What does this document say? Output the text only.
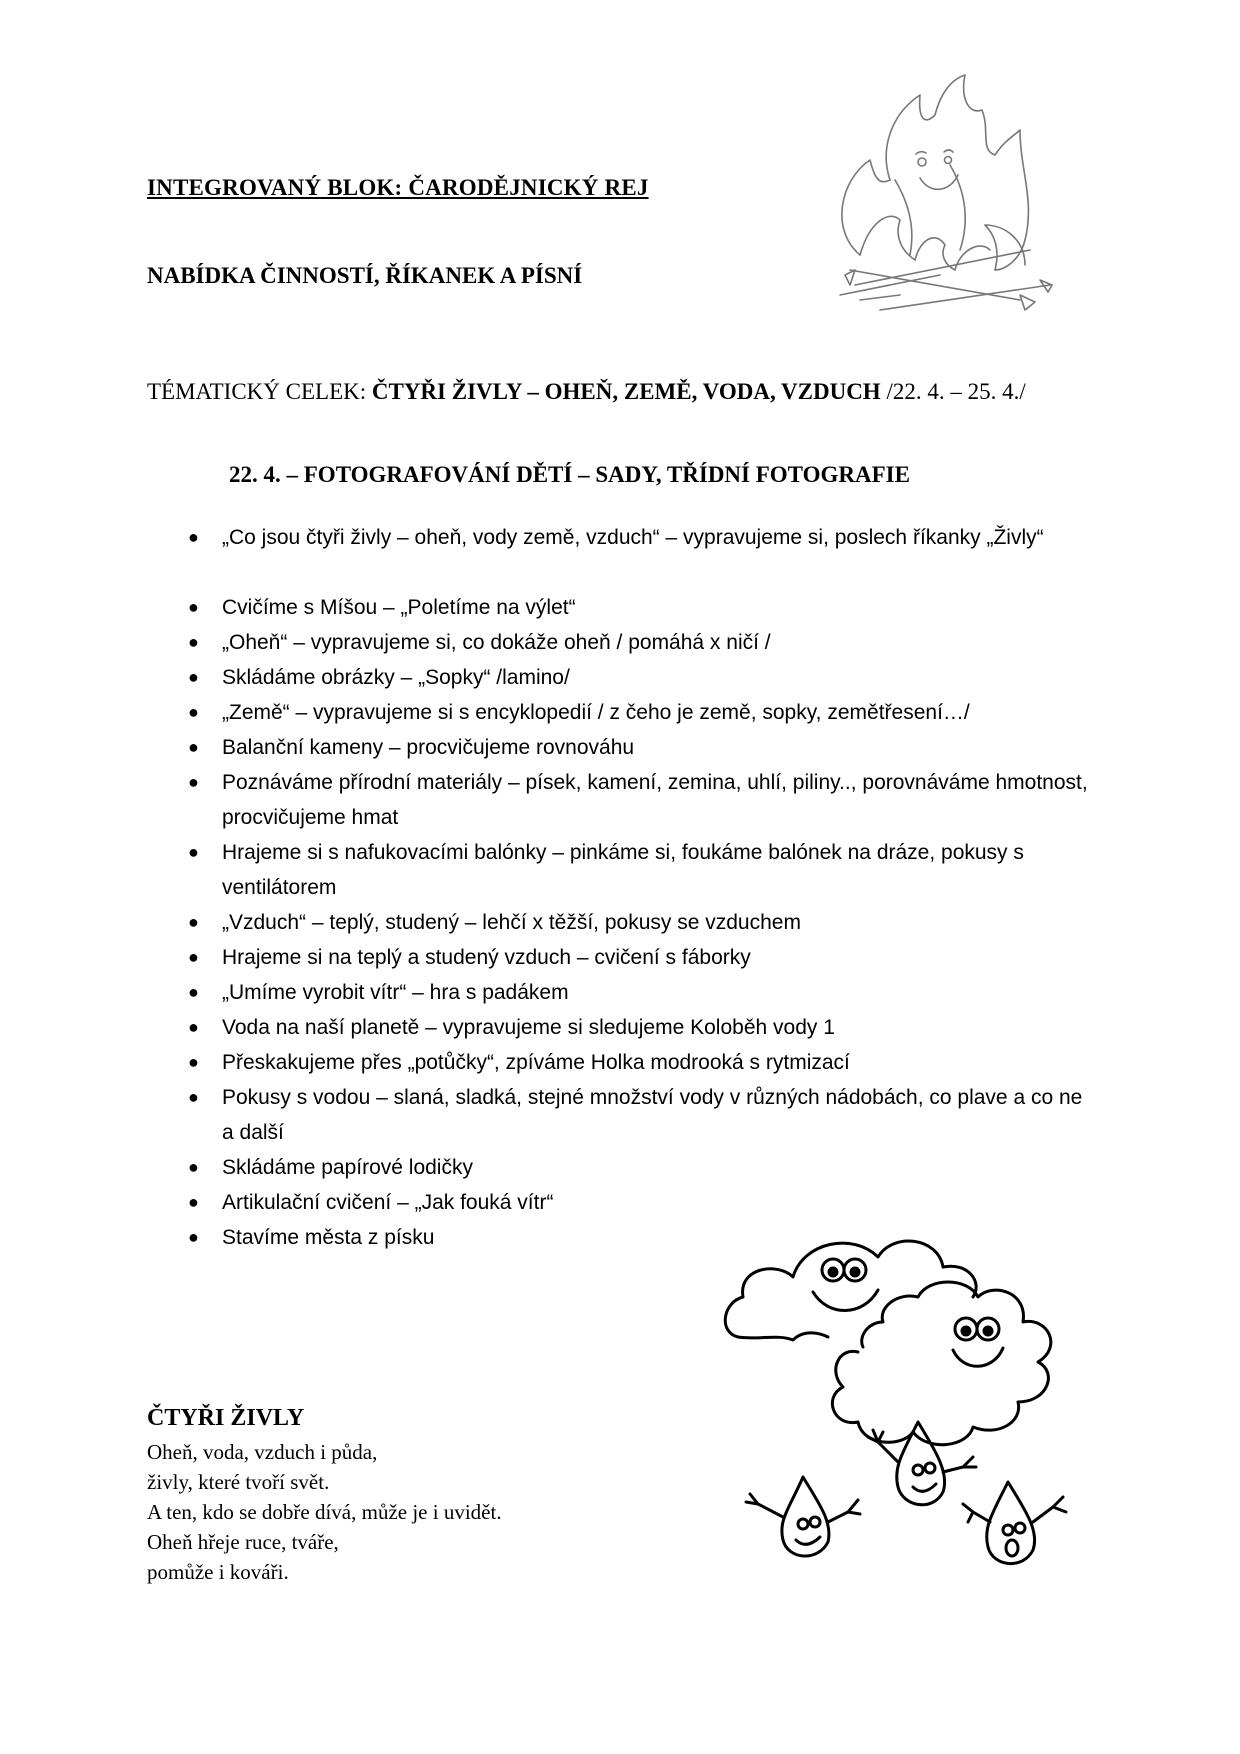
INTEGROVANÝ BLOK: ČARODĚJNICKÝ REJ
NABÍDKA ČINNOSTÍ, ŘÍKANEK A PÍSNÍ

TÉMATICKÝ CELEK: ČTYŘI ŽIVLY – OHEŇ, ZEMĚ, VODA, VZDUCH /22. 4. – 25. 4./

22. 4. – FOTOGRAFOVÁNÍ DĚTÍ – SADY, TŘÍDNÍ FOTOGRAFIE
●	„Co jsou čtyři živly – oheň, vody země, vzduch“ – vypravujeme si, poslech říkanky „Živly“
●	Cvičíme s Míšou – „Poletíme na výlet“
●	„Oheň“ – vypravujeme si, co dokáže oheň / pomáhá x ničí /
●	Skládáme obrázky – „Sopky“ /lamino/
●	„Země“ – vypravujeme si s encyklopedií / z čeho je země, sopky, zemětřesení…/
●	Balanční kameny – procvičujeme rovnováhu
●	Poznáváme přírodní materiály – písek, kamení, zemina, uhlí, piliny.., porovnáváme hmotnost, procvičujeme hmat
●	Hrajeme si s nafukovacími balónky – pinkáme si, foukáme balónek na dráze, pokusy s ventilátorem
●	„Vzduch“ – teplý, studený – lehčí x těžší, pokusy se vzduchem
●	Hrajeme si na teplý a studený vzduch – cvičení s fáborky
●	„Umíme vyrobit vítr“ – hra s padákem
●	Voda na naší planetě – vypravujeme si sledujeme Koloběh vody 1
●	Přeskakujeme přes „potůčky“, zpíváme Holka modrooká s rytmizací
●	Pokusy s vodou – slaná, sladká, stejné množství vody v různých nádobách, co plave a co ne a další
●	Skládáme papírové lodičky
●	Artikulační cvičení – „Jak fouká vítr“
●	Stavíme města z písku
ČTYŘI ŽIVLY
Oheň, voda, vzduch i půda,
živly, které tvoří svět.
A ten, kdo se dobře dívá, může je i uvidět.
Oheň hřeje ruce, tváře,
pomůže i kováři.
